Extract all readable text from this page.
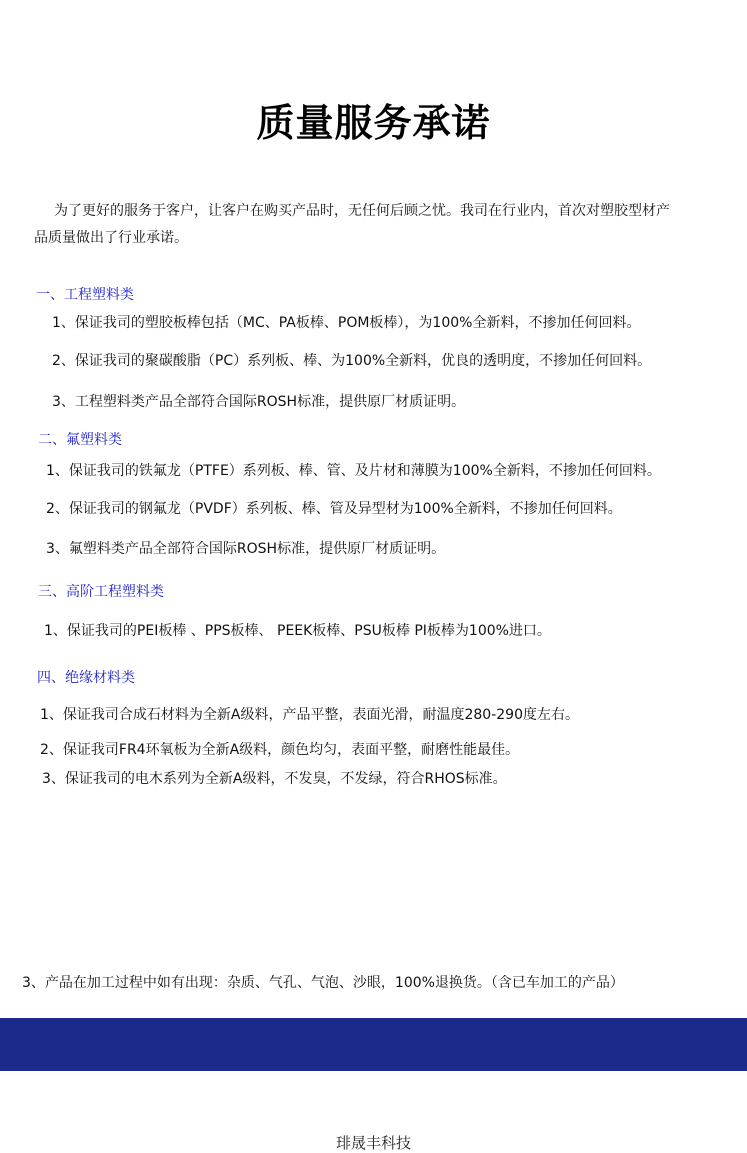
质量服务承诺
为了更好的服务于客户，让客户在购买产品时，无任何后顾之忧。我司在行业内，首次对塑胶型材产
品质量做出了行业承诺。
一、工程塑料类
1、保证我司的塑胶板棒包括（MC、PA板棒、POM板棒），为100%全新料，不掺加任何回料。
2、保证我司的聚碳酸脂（PC）系列板、棒、为100%全新料，优良的透明度，不掺加任何回料。
3、工程塑料类产品全部符合国际ROSH标准，提供原厂材质证明。
二、氟塑料类
1、保证我司的铁氟龙（PTFE）系列板、棒、管、及片材和薄膜为100%全新料，不掺加任何回料。
2、保证我司的钢氟龙（PVDF）系列板、棒、管及异型材为100%全新料，不掺加任何回料。
3、氟塑料类产品全部符合国际ROSH标准，提供原厂材质证明。
三、高阶工程塑料类
1、保证我司的PEI板棒 、PPS板棒、 PEEK板棒、PSU板棒 PI板棒为100%进口。
四、绝缘材料类
1、保证我司合成石材料为全新A级料，产品平整，表面光滑，耐温度280-290度左右。
2、保证我司FR4环氧板为全新A级料，颜色均匀，表面平整，耐磨性能最佳。
3、保证我司的电木系列为全新A级料，不发臭，不发绿，符合RHOS标准。
3、产品在加工过程中如有出现：杂质、气孔、气泡、沙眼，100%退换货。（含已车加工的产品）
琲晟丰科技
